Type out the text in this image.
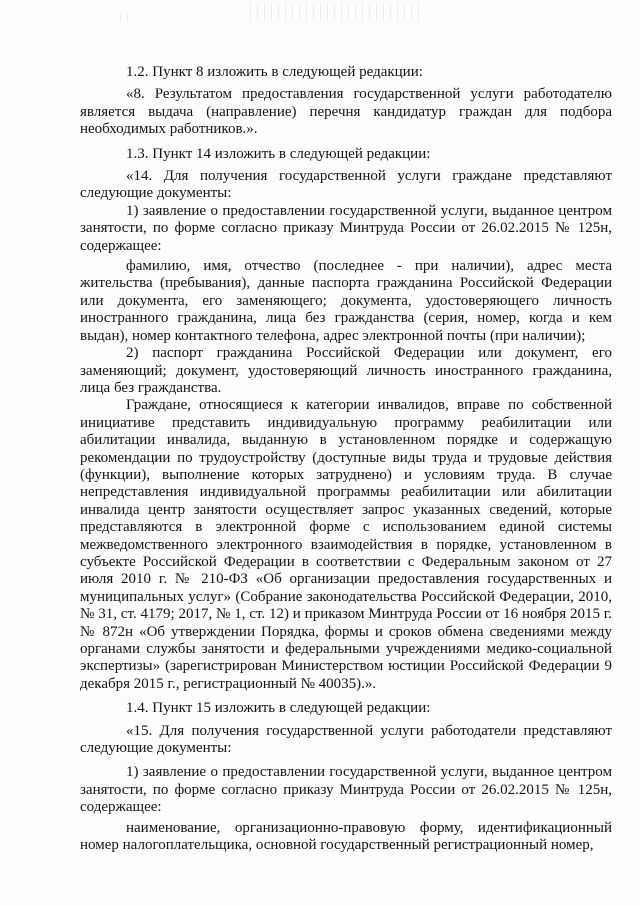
1.2. Пункт 8 изложить в следующей редакции:

«8. Результатом предоставления государственной услуги работодателю является выдача (направление) перечня кандидатур граждан для подбора необходимых работников.».

1.3. Пункт 14 изложить в следующей редакции:

«14. Для получения государственной услуги граждане представляют следующие документы:

1) заявление о предоставлении государственной услуги, выданное центром занятости, по форме согласно приказу Минтруда России от 26.02.2015 № 125н, содержащее:

фамилию, имя, отчество (последнее - при наличии), адрес места жительства (пребывания), данные паспорта гражданина Российской Федерации или документа, его заменяющего; документа, удостоверяющего личность иностранного гражданина, лица без гражданства (серия, номер, когда и кем выдан), номер контактного телефона, адрес электронной почты (при наличии);

2) паспорт гражданина Российской Федерации или документ, его заменяющий; документ, удостоверяющий личность иностранного гражданина, лица без гражданства.

Граждане, относящиеся к категории инвалидов, вправе по собственной инициативе представить индивидуальную программу реабилитации или абилитации инвалида, выданную в установленном порядке и содержащую рекомендации по трудоустройству (доступные виды труда и трудовые действия (функции), выполнение которых затруднено) и условиям труда. В случае непредставления индивидуальной программы реабилитации или абилитации инвалида центр занятости осуществляет запрос указанных сведений, которые представляются в электронной форме с использованием единой системы межведомственного электронного взаимодействия в порядке, установленном в субъекте Российской Федерации в соответствии с Федеральным законом от 27 июля 2010 г. № 210-ФЗ «Об организации предоставления государственных и муниципальных услуг» (Собрание законодательства Российской Федерации, 2010, № 31, ст. 4179; 2017, № 1, ст. 12) и приказом Минтруда России от 16 ноября 2015 г. № 872н «Об утверждении Порядка, формы и сроков обмена сведениями между органами службы занятости и федеральными учреждениями медико-социальной экспертизы» (зарегистрирован Министерством юстиции Российской Федерации 9 декабря 2015 г., регистрационный № 40035).».

1.4. Пункт 15 изложить в следующей редакции:

«15. Для получения государственной услуги работодатели представляют следующие документы:

1) заявление о предоставлении государственной услуги, выданное центром занятости, по форме согласно приказу Минтруда России от 26.02.2015 № 125н, содержащее:

наименование, организационно-правовую форму, идентификационный номер налогоплательщика, основной государственный регистрационный номер,
